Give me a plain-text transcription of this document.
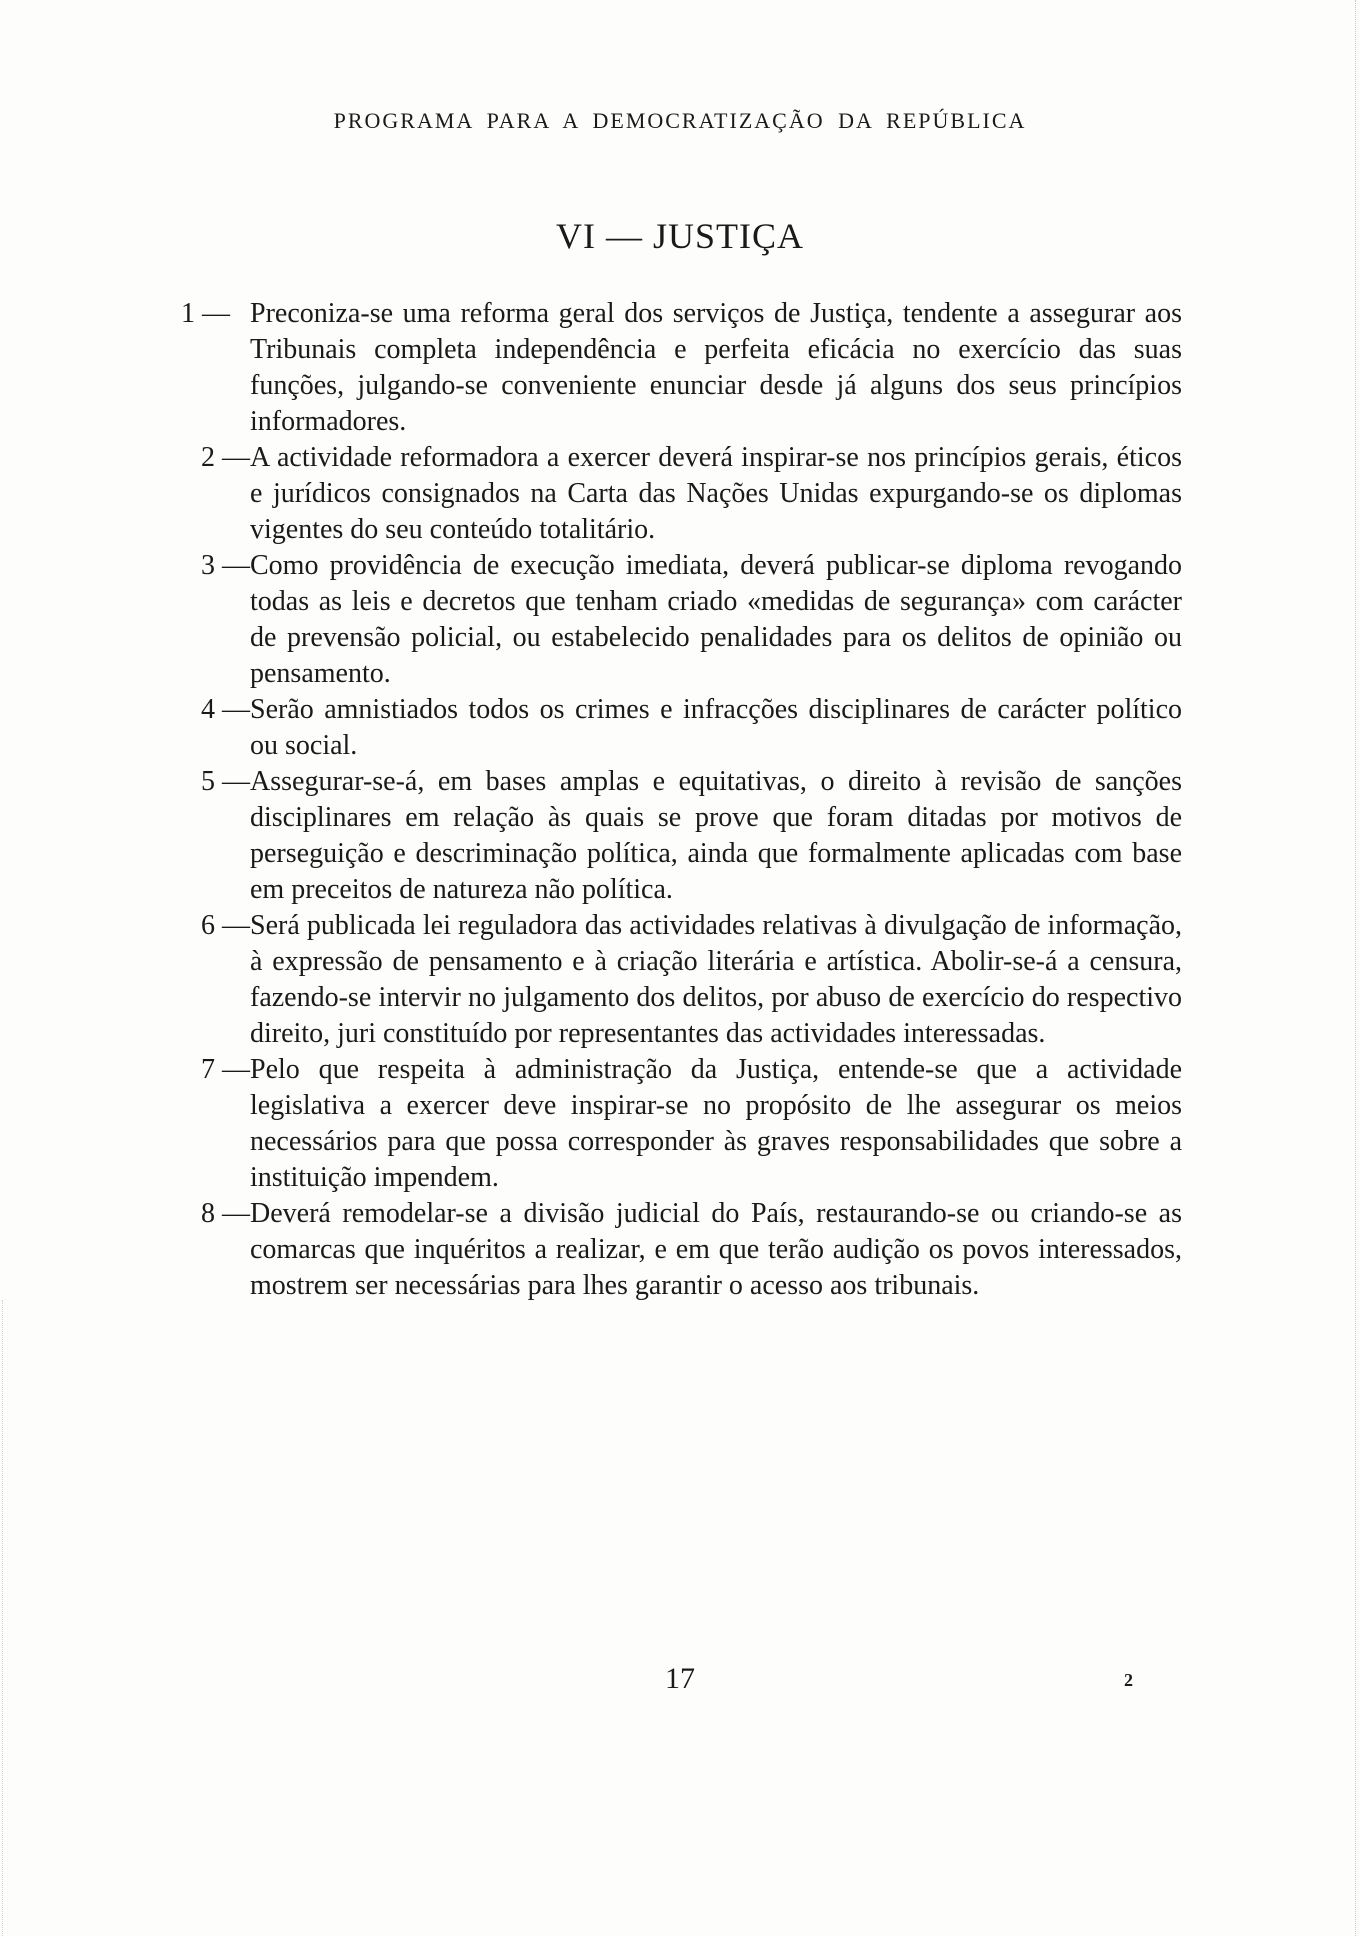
PROGRAMA PARA A DEMOCRATIZAÇÃO DA REPÚBLICA
VI — JUSTIÇA
1 — Preconiza-se uma reforma geral dos serviços de Justiça, tendente a assegurar aos Tribunais completa independência e perfeita eficácia no exercício das suas funções, julgando-se conveniente enunciar desde já alguns dos seus princípios informadores.
2 — A actividade reformadora a exercer deverá inspirar-se nos princípios gerais, éticos e jurídicos consignados na Carta das Nações Unidas expurgando-se os diplomas vigentes do seu conteúdo totalitário.
3 — Como providência de execução imediata, deverá publicar-se diploma revogando todas as leis e decretos que tenham criado «medidas de segurança» com carácter de prevensão policial, ou estabelecido penalidades para os delitos de opinião ou pensamento.
4 — Serão amnistiados todos os crimes e infracções disciplinares de carácter político ou social.
5 — Assegurar-se-á, em bases amplas e equitativas, o direito à revisão de sanções disciplinares em relação às quais se prove que foram ditadas por motivos de perseguição e descriminação política, ainda que formalmente aplicadas com base em preceitos de natureza não política.
6 — Será publicada lei reguladora das actividades relativas à divulgação de informação, à expressão de pensamento e à criação literária e artística. Abolir-se-á a censura, fazendo-se intervir no julgamento dos delitos, por abuso de exercício do respectivo direito, juri constituído por representantes das actividades interessadas.
7 — Pelo que respeita à administração da Justiça, entende-se que a actividade legislativa a exercer deve inspirar-se no propósito de lhe assegurar os meios necessários para que possa corresponder às graves responsabilidades que sobre a instituição impendem.
8 — Deverá remodelar-se a divisão judicial do País, restaurando-se ou criando-se as comarcas que inquéritos a realizar, e em que terão audição os povos interessados, mostrem ser necessárias para lhes garantir o acesso aos tribunais.
17	2
